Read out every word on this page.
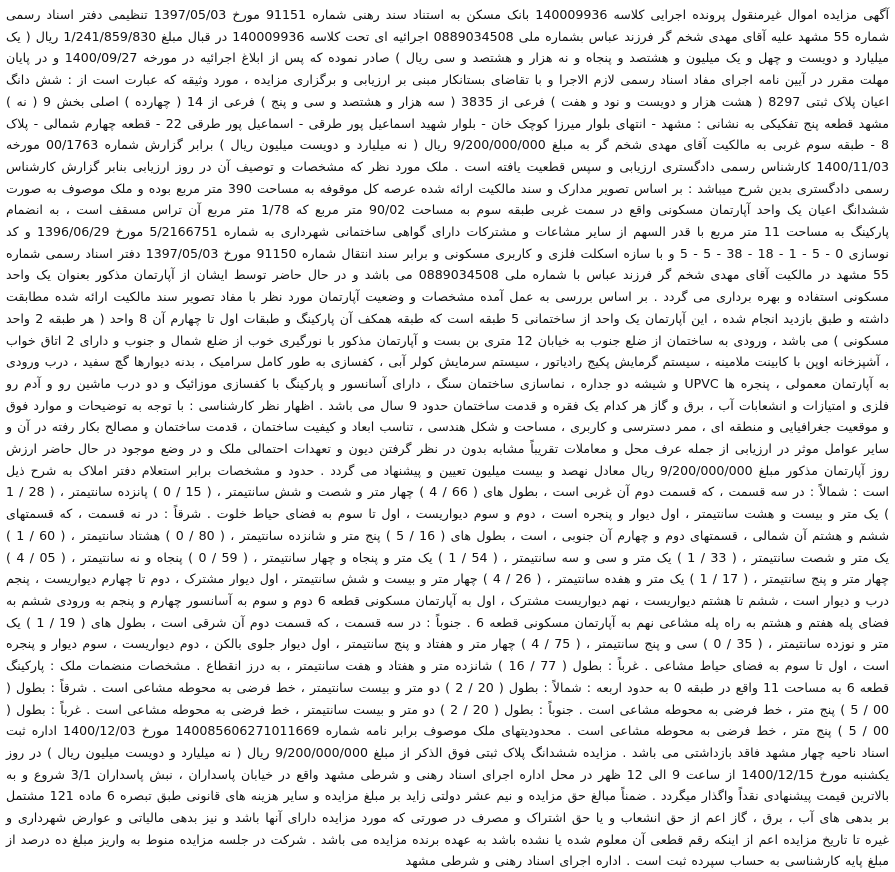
آگهی مزایده اموال غیرمنقول پرونده اجرایی کلاسه 140009936 بانک مسکن به استناد سند رهنی شماره 91151 مورخ 1397/05/03 تنظیمی دفتر اسناد رسمی شماره 55 مشهد علیه آقای مهدی شخم گر فرزند عباس بشماره ملی 0889034508 اجرائیه ای تحت کلاسه 140009936 در قبال مبلغ 1/241/859/830 ریال ( یک میلیارد و دویست و چهل و یک میلیون و هشتصد و پنجاه و نه هزار و هشتصد و سی ریال ) صادر نموده که پس از ابلاغ اجرائیه در مورخه 1400/09/27 و در پایان مهلت مقرر در آیین نامه اجرای مفاد اسناد رسمی لازم الاجرا و با تقاضای بستانکار مبنی بر ارزیابی و برگزاری مزایده ، مورد وثیقه که عبارت است از : شش دانگ اعیان پلاک ثبتی 8297 ( هشت هزار و دویست و نود و هفت ) فرعی از 3835 ( سه هزار و هشتصد و سی و پنج ) فرعی از 14 ( چهارده ) اصلی بخش 9 ( نه ) مشهد قطعه پنج تفکیکی به نشانی : مشهد - انتهای بلوار میرزا کوچک خان - بلوار شهید اسماعیل پور طرقی - اسماعیل پور طرقی 22 - قطعه چهارم شمالی - پلاک 8 - طبقه سوم غربی به مالکیت آقای مهدی شخم گر به مبلغ 9/200/000/000 ریال ( نه میلیارد و دویست میلیون ریال ) برابر گزارش شماره 00/1763 مورخه 1400/11/03 کارشناس رسمی دادگستری ارزیابی و سپس قطعیت یافته است . ملک مورد نظر که مشخصات و توصیف آن در روز ارزیابی بنابر گزارش کارشناس رسمی دادگستری بدین شرح میباشد : بر اساس تصویر مدارک و سند مالکیت ارائه شده عرصه کل موقوفه به مساحت 390 متر مربع بوده و ملک موصوف به صورت ششدانگ اعیان یک واحد آپارتمان مسکونی واقع در سمت غربی طبقه سوم به مساحت 90/02 متر مربع که 1/78 متر مربع آن تراس مسقف است ، به انضمام پارکینگ به مساحت 11 متر مربع با قدر السهم از سایر مشاعات و مشترکات دارای گواهی ساختمانی شهرداری به شماره 5/2166751 مورخ 1396/06/29 و کد نوسازی 0 - 5 - 1 - 18 - 38 - 5 - 5 و با سازه اسکلت فلزی و کاربری مسکونی و برابر سند انتقال شماره 91150 مورخ 1397/05/03 دفتر اسناد رسمی شماره 55 مشهد در مالکیت آقای مهدی شخم گر فرزند عباس با شماره ملی 0889034508 می باشد و در حال حاضر توسط ایشان از آپارتمان مذکور بعنوان یک واحد مسکونی استفاده و بهره برداری می گردد . بر اساس بررسی به عمل آمده مشخصات و وضعیت آپارتمان مورد نظر با مفاد تصویر سند مالکیت ارائه شده مطابقت داشته و طبق بازدید انجام شده ، این آپارتمان یک واحد از ساختمانی 5 طبقه است که طبقه همکف آن پارکینگ و طبقات اول تا چهارم آن 8 واحد ( هر طبقه 2 واحد مسکونی ) می باشد ، ورودی به ساختمان از ضلع جنوب به خیابان 12 متری بن بست و آپارتمان مذکور با نورگیری خوب از ضلع شمال و جنوب و دارای 2 اتاق خواب ، آشپزخانه اوپن با کابینت ملامینه ، سیستم گرمایش پکیج رادیاتور ، سیستم سرمایش کولر آبی ، کفسازی به طور کامل سرامیک ، بدنه دیوارها گچ سفید ، درب ورودی به آپارتمان معمولی ، پنجره ها UPVC و شیشه دو جداره ، نماسازی ساختمان سنگ ، دارای آسانسور و پارکینگ با کفسازی موزائیک و دو درب ماشین رو و آدم رو فلزی و امتیازات و انشعابات آب ، برق و گاز هر کدام یک فقره و قدمت ساختمان حدود 9 سال می باشد . اظهار نظر کارشناسی : با توجه به توضیحات و موارد فوق و موقعیت جغرافیایی و منطقه ای ، ممر دسترسی و کاربری ، مساحت و شکل هندسی ، تناسب ابعاد و کیفیت ساختمان ، قدمت ساختمان و مصالح بکار رفته در آن و سایر عوامل موثر در ارزیابی از جمله عرف محل و معاملات تقریباً مشابه بدون در نظر گرفتن دیون و تعهدات احتمالی ملک و در وضع موجود در حال حاضر ارزش روز آپارتمان مذکور مبلغ 9/200/000/000 ریال معادل نهصد و بیست میلیون تعیین و پیشنهاد می گردد . حدود و مشخصات برابر استعلام دفتر املاک به شرح ذیل است : شمالاً : در سه قسمت ، که قسمت دوم آن غربی است ، بطول های ( 66 / 4 ) چهار متر و شصت و شش سانتیمتر ، ( 15 / 0 ) پانزده سانتیمتر ، ( 28 / 1 ) یک متر و بیست و هشت سانتیمتر ، اول دیوار و پنجره است ، دوم و سوم دیواریست ، اول تا سوم به فضای حیاط خلوت . شرقاً : در نه قسمت ، که قسمتهای ششم و هشتم آن شمالی ، قسمتهای دوم و چهارم آن جنوبی ، است ، بطول های ( 16 / 5 ) پنج متر و شانزده سانتیمتر ، ( 80 / 0 ) هشتاد سانتیمتر ، ( 60 / 1 ) یک متر و شصت سانتیمتر ، ( 33 / 1 ) یک متر و سی و سه سانتیمتر ، ( 54 / 1 ) یک متر و پنجاه و چهار سانتیمتر ، ( 59 / 0 ) پنجاه و نه سانتیمتر ، ( 05 / 4 ) چهار متر و پنج سانتیمتر ، ( 17 / 1 ) یک متر و هفده سانتیمتر ، ( 26 / 4 ) چهار متر و بیست و شش سانتیمتر ، اول دیوار مشترک ، دوم تا چهارم دیواریست ، پنجم درب و دیوار است ، ششم تا هشتم دیواریست ، نهم دیواریست مشترک ، اول به آپارتمان مسکونی قطعه 6 دوم و سوم به آسانسور چهارم و پنجم به ورودی ششم به فضای پله هفتم و هشتم به راه پله مشاعی نهم به آپارتمان مسکونی قطعه 6 . جنوباً : در سه قسمت ، که قسمت دوم آن شرقی است ، بطول های ( 19 / 1 ) یک متر و نوزده سانتیمتر ، ( 35 / 0 ) سی و پنج سانتیمتر ، ( 75 / 4 ) چهار متر و هفتاد و پنج سانتیمتر ، اول دیوار جلوی بالکن ، دوم دیواریست ، سوم دیوار و پنجره است ، اول تا سوم به فضای حیاط مشاعی . غرباً : بطول ( 77 / 16 ) شانزده متر و هفتاد و هفت سانتیمتر ، به درز انقطاع . مشخصات منضمات ملک : پارکینگ قطعه 6 به مساحت 11 واقع در طبقه 0 به حدود اربعه : شمالاً : بطول ( 20 / 2 ) دو متر و بیست سانتیمتر ، خط فرضی به محوطه مشاعی است . شرقاً : بطول ( 00 / 5 ) پنج متر ، خط فرضی به محوطه مشاعی است . جنوباً : بطول ( 20 / 2 ) دو متر و بیست سانتیمتر ، خط فرضی به محوطه مشاعی است . غرباً : بطول ( 00 / 5 ) پنج متر ، خط فرضی به محوطه مشاعی است . محدودیتهای ملک موصوف برابر نامه شماره 140085606271011669 مورخ 1400/12/03 اداره ثبت اسناد ناحیه چهار مشهد فاقد بازداشتی می باشد . مزایده ششدانگ پلاک ثبتی فوق الذکر از مبلغ 9/200/000/000 ریال ( نه میلیارد و دویست میلیون ریال ) در روز یکشنبه مورخ 1400/12/15 از ساعت 9 الی 12 ظهر در محل اداره اجرای اسناد رهنی و شرطی مشهد واقع در خیابان پاسداران ، نبش پاسداران 3/1 شروع و به بالاترین قیمت پیشنهادی نقداً واگذار میگردد . ضمناً مبالغ حق مزایده و نیم عشر دولتی زاید بر مبلغ مزایده و سایر هزینه های قانونی طبق تبصره 6 ماده 121 مشتمل بر بدهی های آب ، برق ، گاز اعم از حق انشعاب و یا حق اشتراک و مصرف در صورتی که مورد مزایده دارای آنها باشد و نیز بدهی مالیاتی و عوارض شهرداری و غیره تا تاریخ مزایده اعم از اینکه رقم قطعی آن معلوم شده یا نشده باشد به عهده برنده مزایده می باشد . شرکت در جلسه مزایده منوط به واریز مبلغ ده درصد از مبلغ پایه کارشناسی به حساب سپرده ثبت است . اداره اجرای اسناد رهنی و شرطی مشهد
